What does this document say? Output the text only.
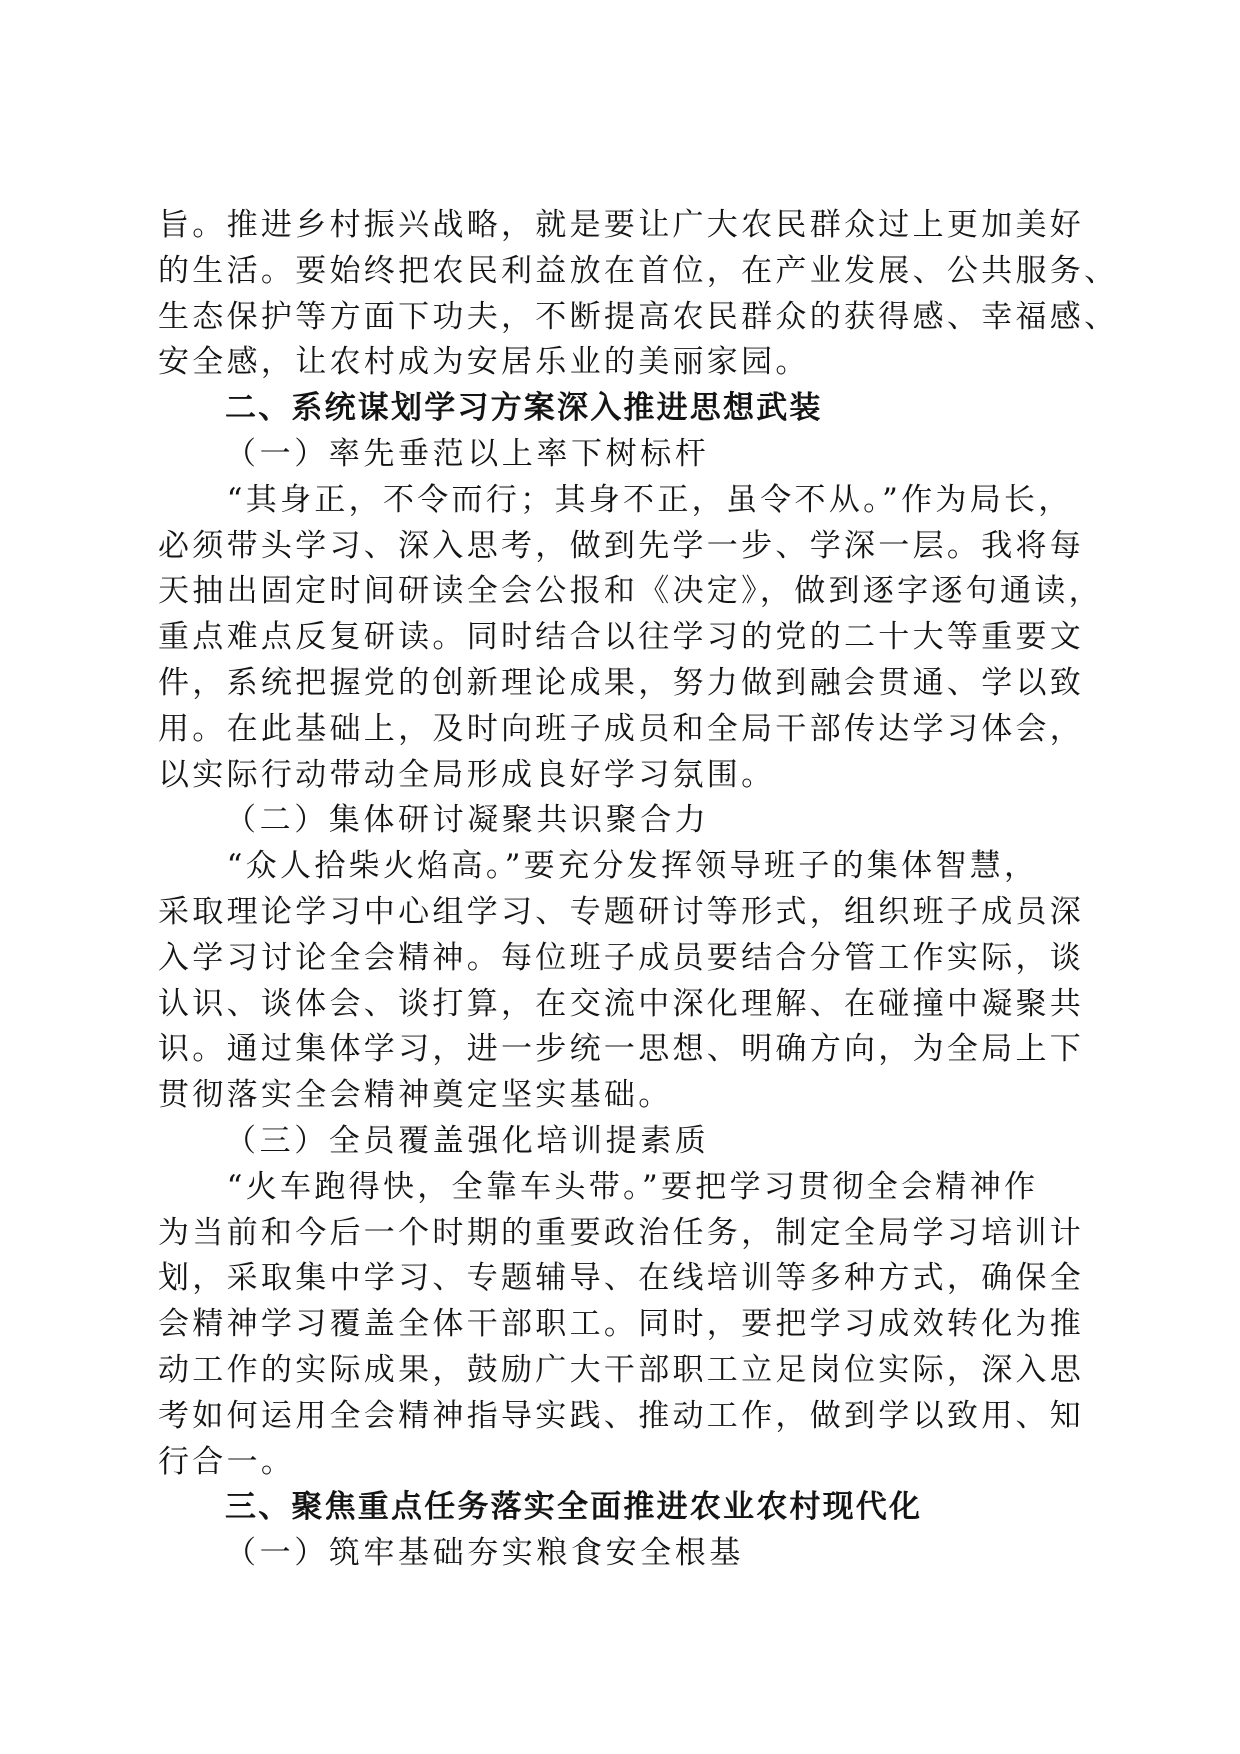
旨。推进乡村振兴战略，就是要让广大农民群众过上更加美好
的生活。要始终把农民利益放在首位，在产业发展、公共服务、
生态保护等方面下功夫，不断提高农民群众的获得感、幸福感、
安全感，让农村成为安居乐业的美丽家园。
二、系统谋划学习方案深入推进思想武装
（一）率先垂范以上率下树标杆
“其身正，不令而行；其身不正，虽令不从。”作为局长，
必须带头学习、深入思考，做到先学一步、学深一层。我将每
天抽出固定时间研读全会公报和《决定》，做到逐字逐句通读，
重点难点反复研读。同时结合以往学习的党的二十大等重要文
件，系统把握党的创新理论成果，努力做到融会贯通、学以致
用。在此基础上，及时向班子成员和全局干部传达学习体会，
以实际行动带动全局形成良好学习氛围。
（二）集体研讨凝聚共识聚合力
“众人拾柴火焰高。”要充分发挥领导班子的集体智慧，
采取理论学习中心组学习、专题研讨等形式，组织班子成员深
入学习讨论全会精神。每位班子成员要结合分管工作实际，谈
认识、谈体会、谈打算，在交流中深化理解、在碰撞中凝聚共
识。通过集体学习，进一步统一思想、明确方向，为全局上下
贯彻落实全会精神奠定坚实基础。
（三）全员覆盖强化培训提素质
“火车跑得快，全靠车头带。”要把学习贯彻全会精神作
为当前和今后一个时期的重要政治任务，制定全局学习培训计
划，采取集中学习、专题辅导、在线培训等多种方式，确保全
会精神学习覆盖全体干部职工。同时，要把学习成效转化为推
动工作的实际成果，鼓励广大干部职工立足岗位实际，深入思
考如何运用全会精神指导实践、推动工作，做到学以致用、知
行合一。
三、聚焦重点任务落实全面推进农业农村现代化
（一）筑牢基础夯实粮食安全根基
